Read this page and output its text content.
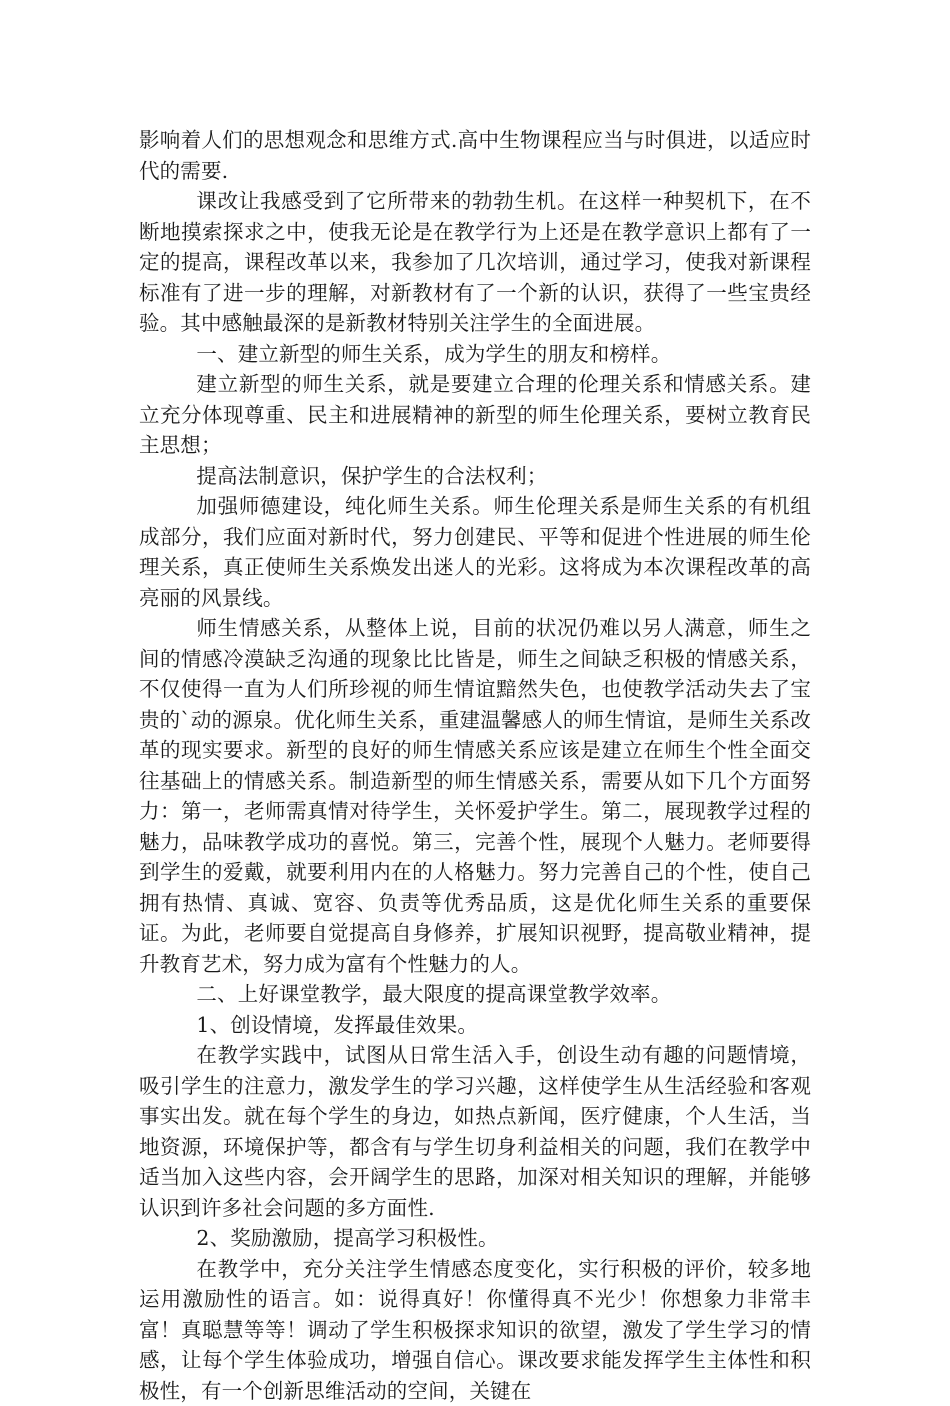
影响着人们的思想观念和思维方式.高中生物课程应当与时俱进，以适应时代的需要.

课改让我感受到了它所带来的勃勃生机。在这样一种契机下，在不断地摸索探求之中，使我无论是在教学行为上还是在教学意识上都有了一定的提高，课程改革以来，我参加了几次培训，通过学习，使我对新课程标准有了进一步的理解，对新教材有了一个新的认识，获得了一些宝贵经验。其中感触最深的是新教材特别关注学生的全面进展。

一、建立新型的师生关系，成为学生的朋友和榜样。

建立新型的师生关系，就是要建立合理的伦理关系和情感关系。建立充分体现尊重、民主和进展精神的新型的师生伦理关系，要树立教育民主思想；

提高法制意识，保护学生的合法权利；

加强师德建设，纯化师生关系。师生伦理关系是师生关系的有机组成部分，我们应面对新时代，努力创建民、平等和促进个性进展的师生伦理关系，真正使师生关系焕发出迷人的光彩。这将成为本次课程改革的高亮丽的风景线。

师生情感关系，从整体上说，目前的状况仍难以另人满意，师生之间的情感冷漠缺乏沟通的现象比比皆是，师生之间缺乏积极的情感关系，不仅使得一直为人们所珍视的师生情谊黯然失色，也使教学活动失去了宝贵的`动的源泉。优化师生关系，重建温馨感人的师生情谊，是师生关系改革的现实要求。新型的良好的师生情感关系应该是建立在师生个性全面交往基础上的情感关系。制造新型的师生情感关系，需要从如下几个方面努力：第一，老师需真情对待学生，关怀爱护学生。第二，展现教学过程的魅力，品味教学成功的喜悦。第三，完善个性，展现个人魅力。老师要得到学生的爱戴，就要利用内在的人格魅力。努力完善自己的个性，使自己拥有热情、真诚、宽容、负责等优秀品质，这是优化师生关系的重要保证。为此，老师要自觉提高自身修养，扩展知识视野，提高敬业精神，提升教育艺术，努力成为富有个性魅力的人。

二、上好课堂教学，最大限度的提高课堂教学效率。

1、创设情境，发挥最佳效果。

在教学实践中，试图从日常生活入手，创设生动有趣的问题情境，吸引学生的注意力，激发学生的学习兴趣，这样使学生从生活经验和客观事实出发。就在每个学生的身边，如热点新闻，医疗健康，个人生活，当地资源，环境保护等，都含有与学生切身利益相关的问题，我们在教学中适当加入这些内容，会开阔学生的思路，加深对相关知识的理解，并能够认识到许多社会问题的多方面性.

2、奖励激励，提高学习积极性。

在教学中，充分关注学生情感态度变化，实行积极的评价，较多地运用激励性的语言。如：说得真好！你懂得真不光少！你想象力非常丰富！真聪慧等等！调动了学生积极探求知识的欲望，激发了学生学习的情感，让每个学生体验成功，增强自信心。课改要求能发挥学生主体性和积极性，有一个创新思维活动的空间，关键在
